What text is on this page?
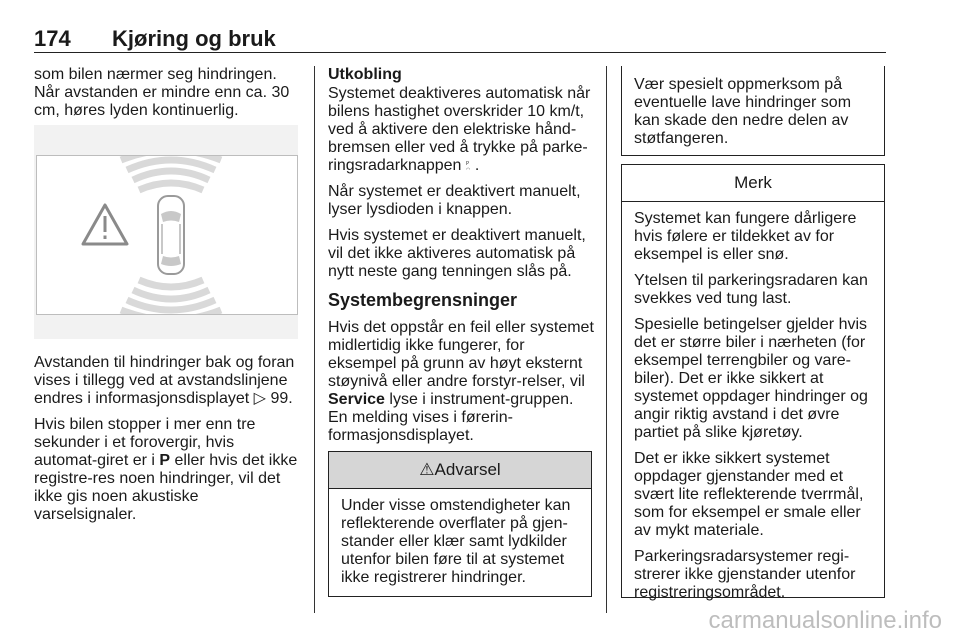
174 Kjøring og bruk

som bilen nærmer seg hindringen. Når avstanden er mindre enn ca. 30 cm, høres lyden kontinuerlig.

Avstanden til hindringer bak og foran vises i tillegg ved at avstandslinjene endres i informasjonsdisplayet ▷ 99.

Hvis bilen stopper i mer enn tre sekunder i et forovergir, hvis automat-giret er i P eller hvis det ikke registre-res noen hindringer, vil det ikke gis noen akustiske varselsignaler.

Utkobling

Systemet deaktiveres automatisk når bilens hastighet overskrider 10 km/t, ved å aktivere den elektriske hånd-bremsen eller ved å trykke på parke-ringsradarknappen P
◠ .

Når systemet er deaktivert manuelt, lyser lysdioden i knappen.

Hvis systemet er deaktivert manuelt, vil det ikke aktiveres automatisk på nytt neste gang tenningen slås på.

Systembegrensninger

Hvis det oppstår en feil eller systemet midlertidig ikke fungerer, for eksempel på grunn av høyt eksternt støynivå eller andre forstyr-relser, vil Service lyse i instrument-gruppen. En melding vises i førerin-formasjonsdisplayet.

⚠Advarsel

Under visse omstendigheter kan reflekterende overflater på gjen-stander eller klær samt lydkilder utenfor bilen føre til at systemet ikke registrerer hindringer.

Vær spesielt oppmerksom på eventuelle lave hindringer som kan skade den nedre delen av støtfangeren.

Merk

Systemet kan fungere dårligere hvis følere er tildekket av for eksempel is eller snø.

Ytelsen til parkeringsradaren kan svekkes ved tung last.

Spesielle betingelser gjelder hvis det er større biler i nærheten (for eksempel terrengbiler og vare-biler). Det er ikke sikkert at systemet oppdager hindringer og angir riktig avstand i det øvre partiet på slike kjøretøy.

Det er ikke sikkert systemet oppdager gjenstander med et svært lite reflekterende tverrmål, som for eksempel er smale eller av mykt materiale.

Parkeringsradarsystemer regi-strerer ikke gjenstander utenfor registreringsområdet.

carmanualsonline.info
